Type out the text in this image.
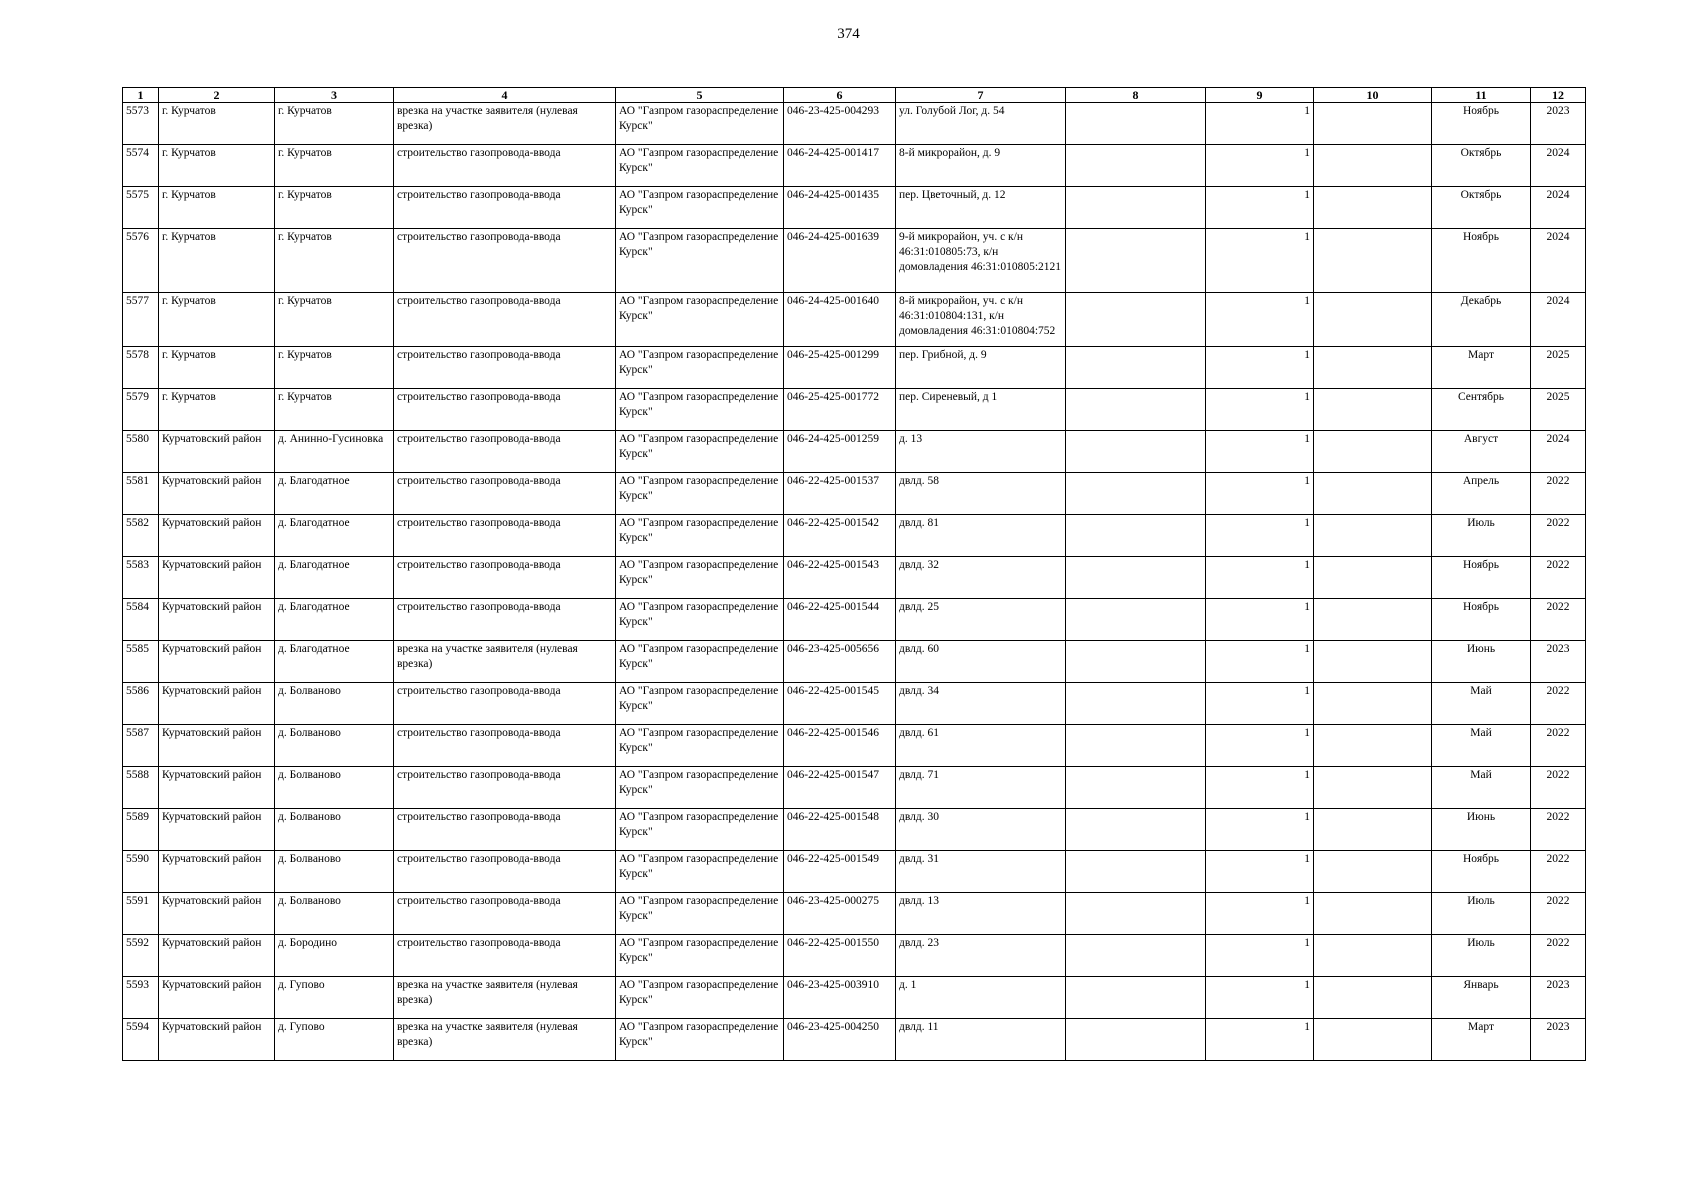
374
1	2	3	4	5	6	7	8	9	10	11	12
5573	г. Курчатов	г. Курчатов	врезка на участке заявителя (нулевая врезка)	АО "Газпром газораспределение Курск"	046-23-425-004293	ул. Голубой Лог, д. 54		1		Ноябрь	2023
5574	г. Курчатов	г. Курчатов	строительство газопровода-ввода	АО "Газпром газораспределение Курск"	046-24-425-001417	8-й микрорайон, д. 9		1		Октябрь	2024
5575	г. Курчатов	г. Курчатов	строительство газопровода-ввода	АО "Газпром газораспределение Курск"	046-24-425-001435	пер. Цветочный, д. 12		1		Октябрь	2024
5576	г. Курчатов	г. Курчатов	строительство газопровода-ввода	АО "Газпром газораспределение Курск"	046-24-425-001639	9-й микрорайон, уч. с к/н 46:31:010805:73, к/н домовладения 46:31:010805:2121		1		Ноябрь	2024
5577	г. Курчатов	г. Курчатов	строительство газопровода-ввода	АО "Газпром газораспределение Курск"	046-24-425-001640	8-й микрорайон, уч. с к/н 46:31:010804:131, к/н домовладения 46:31:010804:752		1		Декабрь	2024
5578	г. Курчатов	г. Курчатов	строительство газопровода-ввода	АО "Газпром газораспределение Курск"	046-25-425-001299	пер. Грибной, д. 9		1		Март	2025
5579	г. Курчатов	г. Курчатов	строительство газопровода-ввода	АО "Газпром газораспределение Курск"	046-25-425-001772	пер. Сиреневый, д 1		1		Сентябрь	2025
5580	Курчатовский район	д. Анинно-Гусиновка	строительство газопровода-ввода	АО "Газпром газораспределение Курск"	046-24-425-001259	д. 13		1		Август	2024
5581	Курчатовский район	д. Благодатное	строительство газопровода-ввода	АО "Газпром газораспределение Курск"	046-22-425-001537	двлд. 58		1		Апрель	2022
5582	Курчатовский район	д. Благодатное	строительство газопровода-ввода	АО "Газпром газораспределение Курск"	046-22-425-001542	двлд. 81		1		Июль	2022
5583	Курчатовский район	д. Благодатное	строительство газопровода-ввода	АО "Газпром газораспределение Курск"	046-22-425-001543	двлд. 32		1		Ноябрь	2022
5584	Курчатовский район	д. Благодатное	строительство газопровода-ввода	АО "Газпром газораспределение Курск"	046-22-425-001544	двлд. 25		1		Ноябрь	2022
5585	Курчатовский район	д. Благодатное	врезка на участке заявителя (нулевая врезка)	АО "Газпром газораспределение Курск"	046-23-425-005656	двлд. 60		1		Июнь	2023
5586	Курчатовский район	д. Болваново	строительство газопровода-ввода	АО "Газпром газораспределение Курск"	046-22-425-001545	двлд. 34		1		Май	2022
5587	Курчатовский район	д. Болваново	строительство газопровода-ввода	АО "Газпром газораспределение Курск"	046-22-425-001546	двлд. 61		1		Май	2022
5588	Курчатовский район	д. Болваново	строительство газопровода-ввода	АО "Газпром газораспределение Курск"	046-22-425-001547	двлд. 71		1		Май	2022
5589	Курчатовский район	д. Болваново	строительство газопровода-ввода	АО "Газпром газораспределение Курск"	046-22-425-001548	двлд. 30		1		Июнь	2022
5590	Курчатовский район	д. Болваново	строительство газопровода-ввода	АО "Газпром газораспределение Курск"	046-22-425-001549	двлд. 31		1		Ноябрь	2022
5591	Курчатовский район	д. Болваново	строительство газопровода-ввода	АО "Газпром газораспределение Курск"	046-23-425-000275	двлд. 13		1		Июль	2022
5592	Курчатовский район	д. Бородино	строительство газопровода-ввода	АО "Газпром газораспределение Курск"	046-22-425-001550	двлд. 23		1		Июль	2022
5593	Курчатовский район	д. Гупово	врезка на участке заявителя (нулевая врезка)	АО "Газпром газораспределение Курск"	046-23-425-003910	д. 1		1		Январь	2023
5594	Курчатовский район	д. Гупово	врезка на участке заявителя (нулевая врезка)	АО "Газпром газораспределение Курск"	046-23-425-004250	двлд. 11		1		Март	2023
